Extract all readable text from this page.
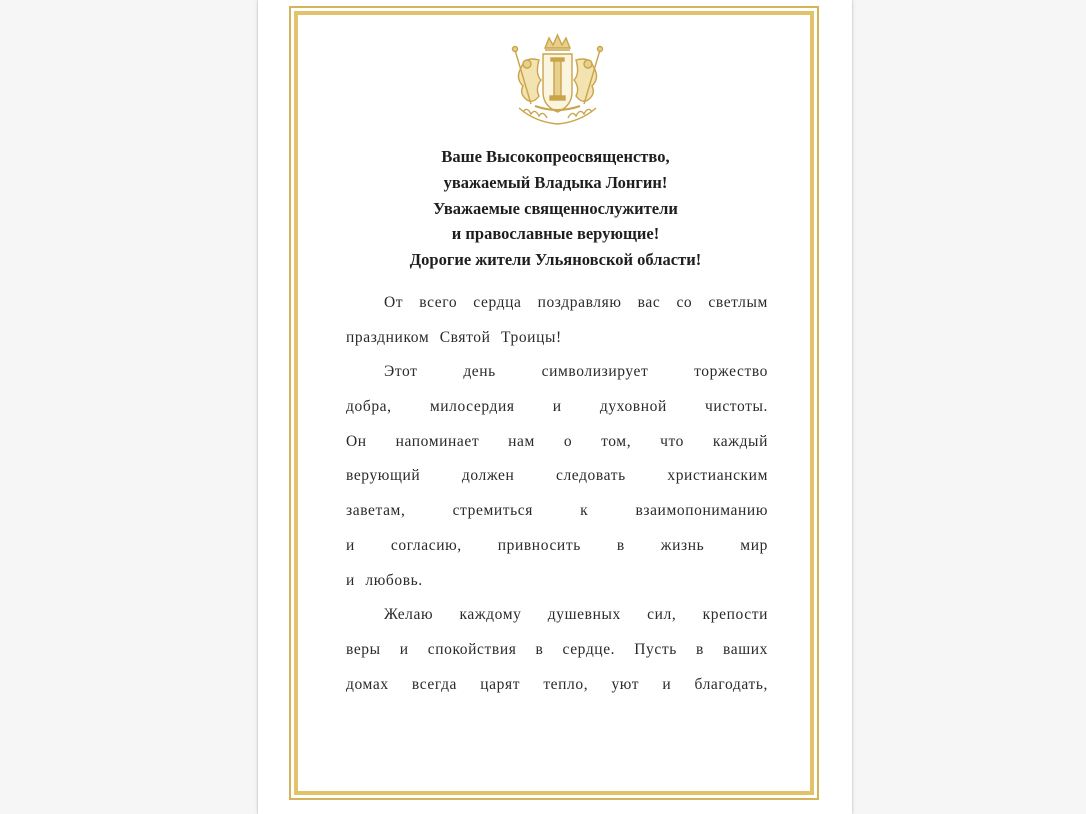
Ваше Высокопреосвященство,
уважаемый Владыка Лонгин!
Уважаемые священнослужители
и православные верующие!
Дорогие жители Ульяновской области!
От всего сердца поздравляю вас со светлым
праздником Святой Троицы!
Этот	день	символизирует	торжество
добра, милосердия и духовной чистоты.
Он напоминает нам о том, что каждый
верующий	должен	следовать	христианским
заветам,	стремиться	к	взаимопониманию
и согласию, привносить в жизнь мир
и любовь.
Желаю каждому душевных сил, крепости
веры и спокойствия в сердце. Пусть в ваших
домах всегда царят тепло, уют и благодать,
